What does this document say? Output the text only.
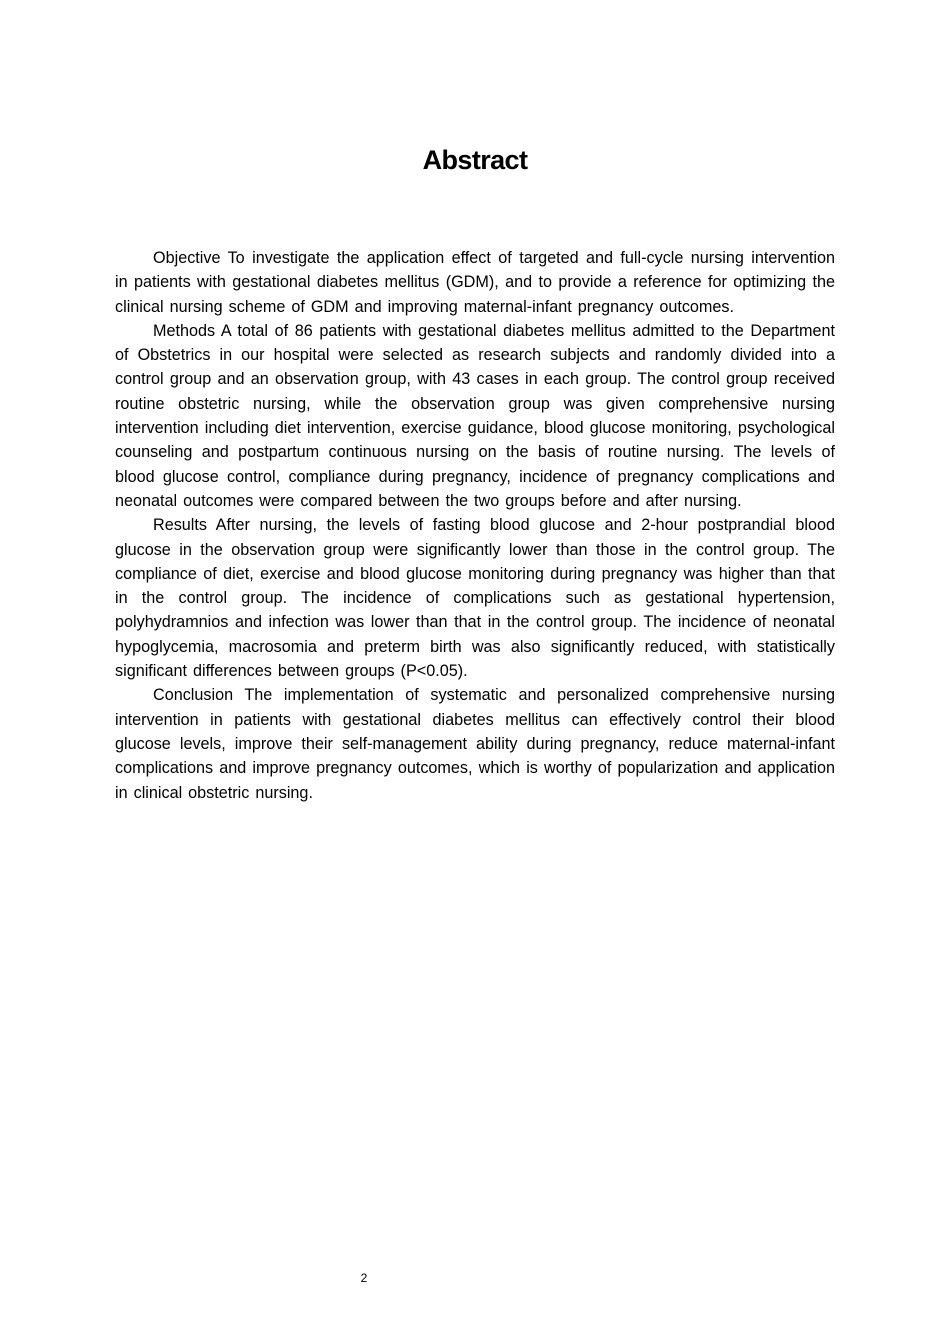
Abstract

Objective To investigate the application effect of targeted and full-cycle nursing intervention in patients with gestational diabetes mellitus (GDM), and to provide a reference for optimizing the clinical nursing scheme of GDM and improving maternal-infant pregnancy outcomes.

Methods A total of 86 patients with gestational diabetes mellitus admitted to the Department of Obstetrics in our hospital were selected as research subjects and randomly divided into a control group and an observation group, with 43 cases in each group. The control group received routine obstetric nursing, while the observation group was given comprehensive nursing intervention including diet intervention, exercise guidance, blood glucose monitoring, psychological counseling and postpartum continuous nursing on the basis of routine nursing. The levels of blood glucose control, compliance during pregnancy, incidence of pregnancy complications and neonatal outcomes were compared between the two groups before and after nursing.

Results After nursing, the levels of fasting blood glucose and 2-hour postprandial blood glucose in the observation group were significantly lower than those in the control group. The compliance of diet, exercise and blood glucose monitoring during pregnancy was higher than that in the control group. The incidence of complications such as gestational hypertension, polyhydramnios and infection was lower than that in the control group. The incidence of neonatal hypoglycemia, macrosomia and preterm birth was also significantly reduced, with statistically significant differences between groups (P<0.05).

Conclusion The implementation of systematic and personalized comprehensive nursing intervention in patients with gestational diabetes mellitus can effectively control their blood glucose levels, improve their self-management ability during pregnancy, reduce maternal-infant complications and improve pregnancy outcomes, which is worthy of popularization and application in clinical obstetric nursing.

2
